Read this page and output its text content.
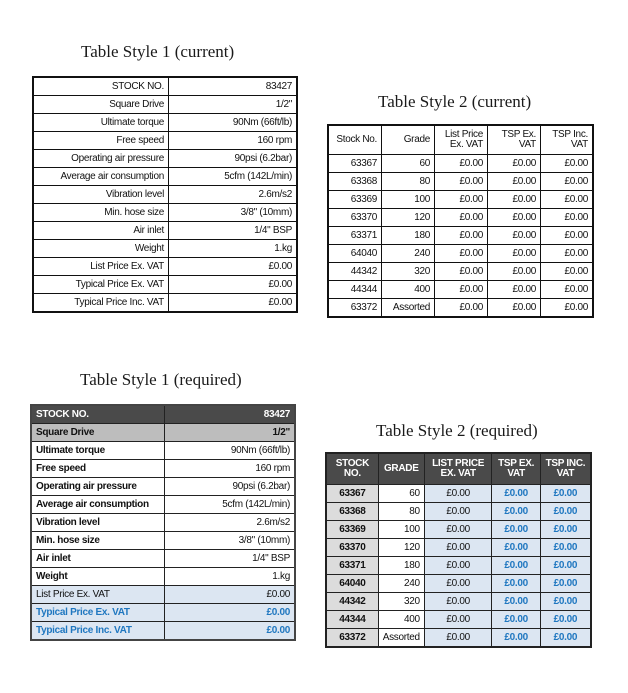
Table Style 1 (current)
STOCK NO.	83427
Square Drive	1/2"
Ultimate torque	90Nm (66ft/lb)
Free speed	160 rpm
Operating air pressure	90psi (6.2bar)
Average air consumption	5cfm (142L/min)
Vibration level	2.6m/s2
Min. hose size	3/8" (10mm)
Air inlet	1/4" BSP
Weight	1.kg
List Price Ex. VAT	£0.00
Typical Price Ex. VAT	£0.00
Typical Price Inc. VAT	£0.00
Table Style 2 (current)
Stock No.	Grade	List Price Ex. VAT	TSP Ex. VAT	TSP Inc. VAT
63367	60	£0.00	£0.00	£0.00
63368	80	£0.00	£0.00	£0.00
63369	100	£0.00	£0.00	£0.00
63370	120	£0.00	£0.00	£0.00
63371	180	£0.00	£0.00	£0.00
64040	240	£0.00	£0.00	£0.00
44342	320	£0.00	£0.00	£0.00
44344	400	£0.00	£0.00	£0.00
63372	Assorted	£0.00	£0.00	£0.00
Table Style 1 (required)
STOCK NO.	83427
Square Drive	1/2"
Ultimate torque	90Nm (66ft/lb)
Free speed	160 rpm
Operating air pressure	90psi (6.2bar)
Average air consumption	5cfm (142L/min)
Vibration level	2.6m/s2
Min. hose size	3/8" (10mm)
Air inlet	1/4" BSP
Weight	1.kg
List Price Ex. VAT	£0.00
Typical Price Ex. VAT	£0.00
Typical Price Inc. VAT	£0.00
Table Style 2 (required)
STOCK NO.	GRADE	LIST PRICE EX. VAT	TSP EX. VAT	TSP INC. VAT
63367	60	£0.00	£0.00	£0.00
63368	80	£0.00	£0.00	£0.00
63369	100	£0.00	£0.00	£0.00
63370	120	£0.00	£0.00	£0.00
63371	180	£0.00	£0.00	£0.00
64040	240	£0.00	£0.00	£0.00
44342	320	£0.00	£0.00	£0.00
44344	400	£0.00	£0.00	£0.00
63372	Assorted	£0.00	£0.00	£0.00
